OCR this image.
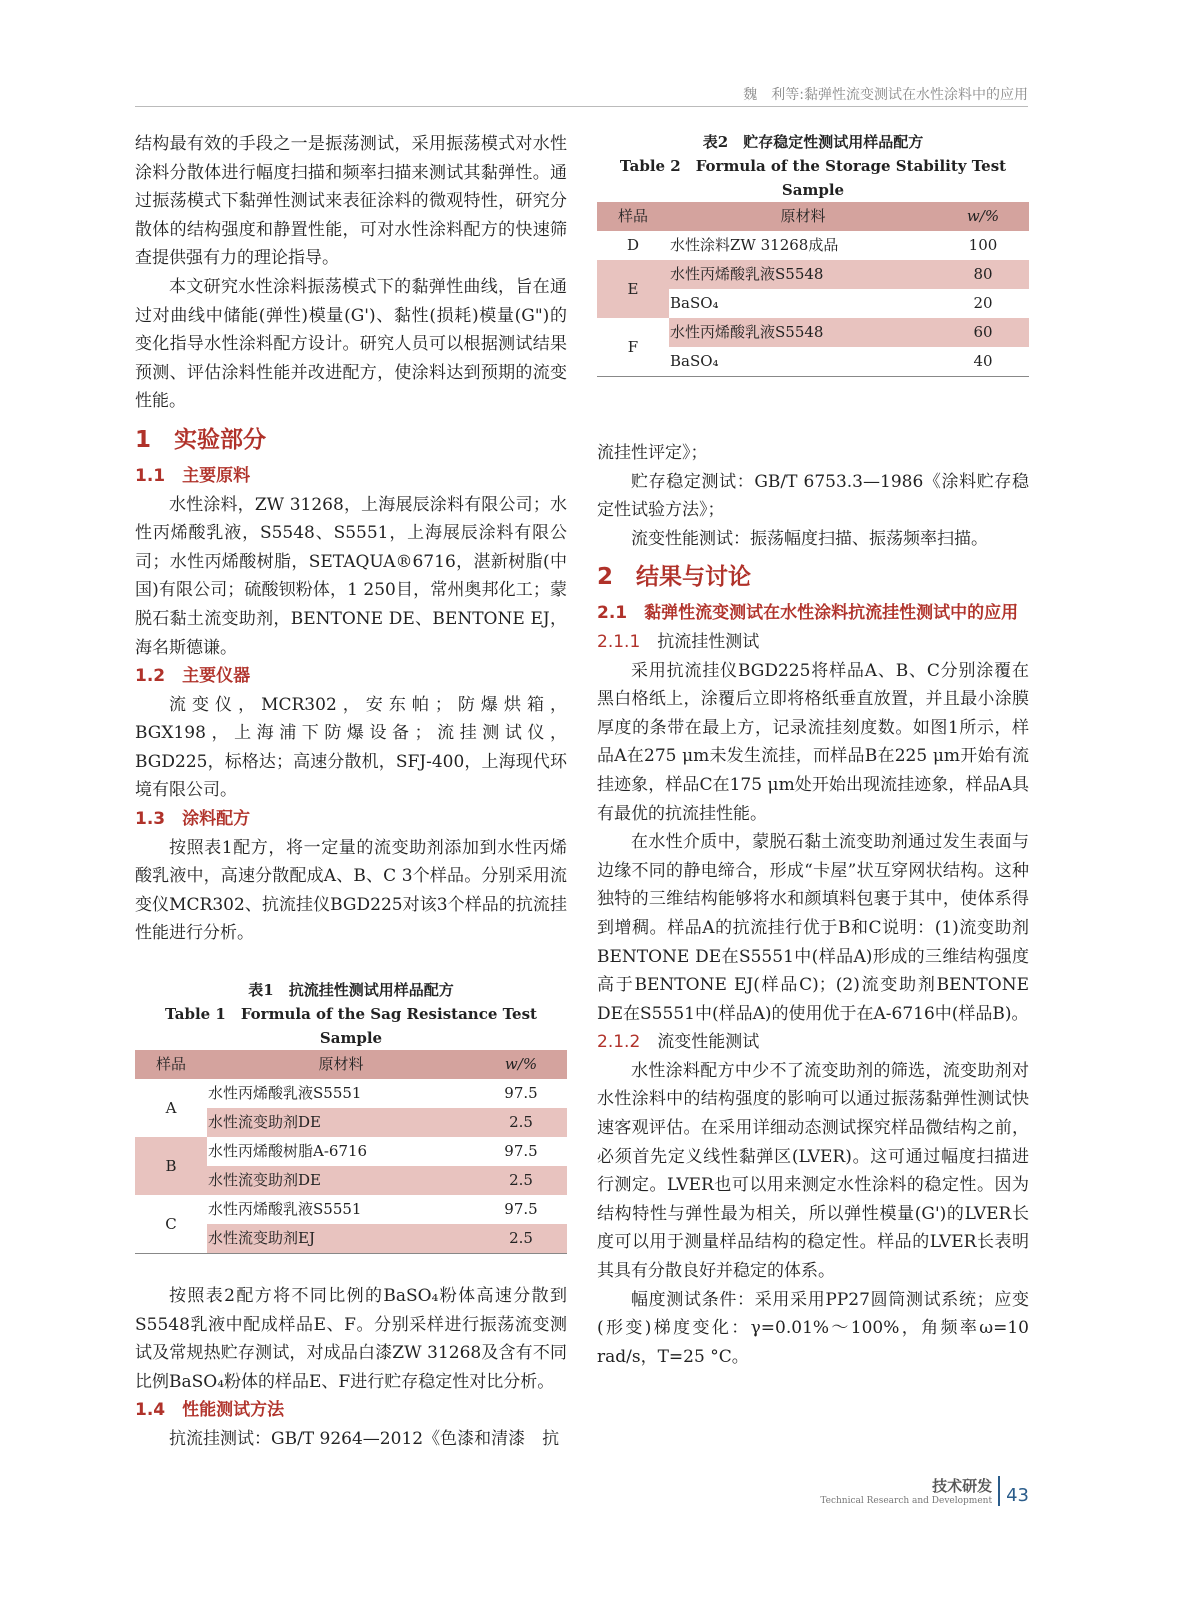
魏　利等:黏弹性流变测试在水性涂料中的应用

结构最有效的手段之一是振荡测试，采用振荡模式对水性涂料分散体进行幅度扫描和频率扫描来测试其黏弹性。通过振荡模式下黏弹性测试来表征涂料的微观特性，研究分散体的结构强度和静置性能，可对水性涂料配方的快速筛查提供强有力的理论指导。

本文研究水性涂料振荡模式下的黏弹性曲线，旨在通过对曲线中储能(弹性)模量(G')、黏性(损耗)模量(G")的变化指导水性涂料配方设计。研究人员可以根据测试结果预测、评估涂料性能并改进配方，使涂料达到预期的流变性能。

1　实验部分
1.1　主要原料

水性涂料，ZW 31268，上海展辰涂料有限公司；水性丙烯酸乳液，S5548、S5551，上海展辰涂料有限公司；水性丙烯酸树脂，SETAQUA®6716，湛新树脂(中国)有限公司；硫酸钡粉体，1 250目，常州奥邦化工；蒙脱石黏土流变助剂，BENTONE DE、BENTONE EJ，海名斯德谦。

1.2　主要仪器

流变仪，MCR302，安东帕；防爆烘箱，BGX198，上海浦下防爆设备；流挂测试仪，BGD225，标格达；高速分散机，SFJ-400，上海现代环境有限公司。

1.3　涂料配方

按照表1配方，将一定量的流变助剂添加到水性丙烯酸乳液中，高速分散配成A、B、C 3个样品。分别采用流变仪MCR302、抗流挂仪BGD225对该3个样品的抗流挂性能进行分析。

表1　抗流挂性测试用样品配方
Table 1　Formula of the Sag Resistance Test Sample
样品	原材料	w/%
A	水性丙烯酸乳液S5551	97.5
	水性流变助剂DE	2.5
B	水性丙烯酸树脂A-6716	97.5
	水性流变助剂DE	2.5
C	水性丙烯酸乳液S5551	97.5
	水性流变助剂EJ	2.5

按照表2配方将不同比例的BaSO₄粉体高速分散到S5548乳液中配成样品E、F。分别采样进行振荡流变测试及常规热贮存测试，对成品白漆ZW 31268及含有不同比例BaSO₄粉体的样品E、F进行贮存稳定性对比分析。

1.4　性能测试方法

抗流挂测试：GB/T 9264—2012《色漆和清漆　抗

表2　贮存稳定性测试用样品配方
Table 2　Formula of the Storage Stability Test Sample
样品	原材料	w/%
D	水性涂料ZW 31268成品	100
E	水性丙烯酸乳液S5548	80
	BaSO₄	20
F	水性丙烯酸乳液S5548	60
	BaSO₄	40

流挂性评定》；

贮存稳定测试：GB/T 6753.3—1986《涂料贮存稳定性试验方法》；

流变性能测试：振荡幅度扫描、振荡频率扫描。

2　结果与讨论
2.1　黏弹性流变测试在水性涂料抗流挂性测试中的应用
2.1.1　 抗流挂性测试

采用抗流挂仪BGD225将样品A、B、C分别涂覆在黑白格纸上，涂覆后立即将格纸垂直放置，并且最小涂膜厚度的条带在最上方，记录流挂刻度数。如图1所示，样品A在275 μm未发生流挂，而样品B在225 μm开始有流挂迹象，样品C在175 μm处开始出现流挂迹象，样品A具有最优的抗流挂性能。

在水性介质中，蒙脱石黏土流变助剂通过发生表面与边缘不同的静电缔合，形成“卡屋”状互穿网状结构。这种独特的三维结构能够将水和颜填料包裹于其中，使体系得到增稠。样品A的抗流挂行优于B和C说明：(1)流变助剂BENTONE DE在S5551中(样品A)形成的三维结构强度高于BENTONE EJ(样品C)；(2)流变助剂BENTONE DE在S5551中(样品A)的使用优于在A-6716中(样品B)。

2.1.2　 流变性能测试

水性涂料配方中少不了流变助剂的筛选，流变助剂对水性涂料中的结构强度的影响可以通过振荡黏弹性测试快速客观评估。在采用详细动态测试探究样品微结构之前，必须首先定义线性黏弹区(LVER)。这可通过幅度扫描进行测定。LVER也可以用来测定水性涂料的稳定性。因为结构特性与弹性最为相关，所以弹性模量(G')的LVER长度可以用于测量样品结构的稳定性。样品的LVER长表明其具有分散良好并稳定的体系。

幅度测试条件：采用采用PP27圆筒测试系统；应变(形变)梯度变化：γ=0.01%～100%，角频率ω=10 rad/s，T=25 °C。

技术研发
Technical Research and Development 43
